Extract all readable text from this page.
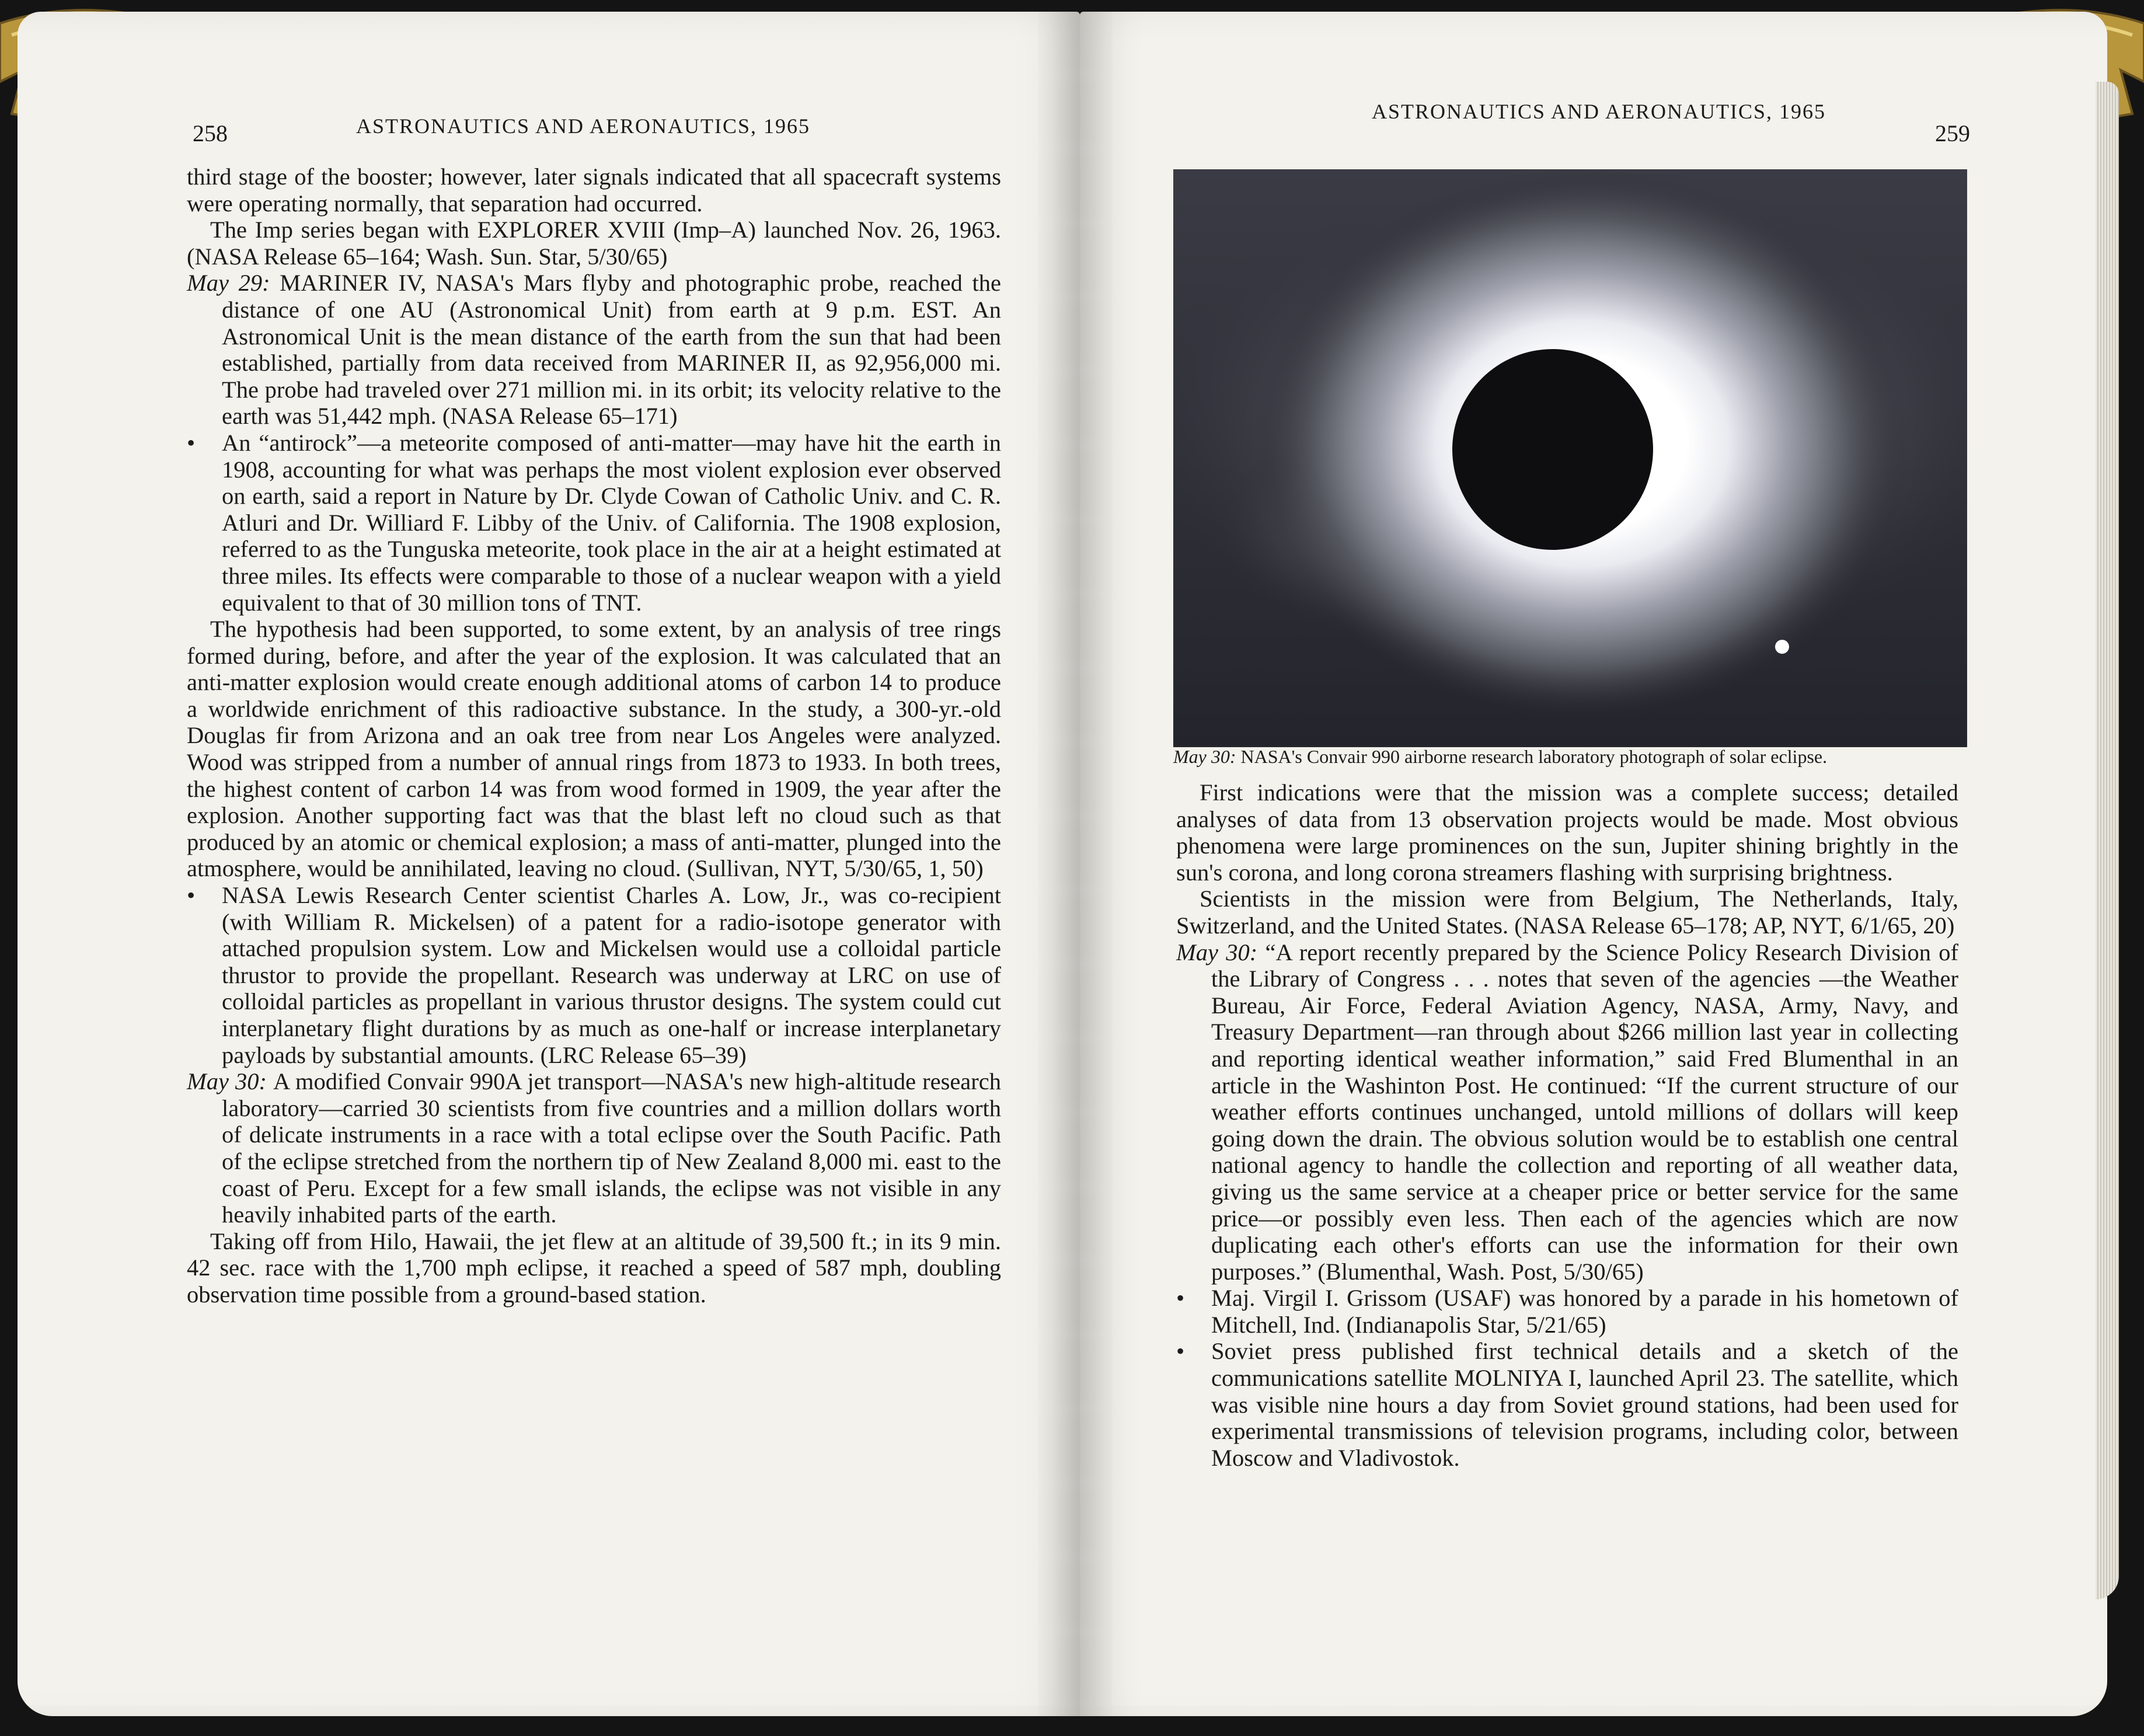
258	ASTRONAUTICS AND AERONAUTICS, 1965

third stage of the booster; however, later signals indicated that all spacecraft systems were operating normally, that separation had occurred.

The Imp series began with EXPLORER XVIII (Imp–A) launched Nov. 26, 1963. (NASA Release 65–164; Wash. Sun. Star, 5/30/65)

May 29: MARINER IV, NASA's Mars flyby and photographic probe, reached the distance of one AU (Astronomical Unit) from earth at 9 p.m. EST. An Astronomical Unit is the mean distance of the earth from the sun that had been established, partially from data received from MARINER II, as 92,956,000 mi. The probe had traveled over 271 million mi. in its orbit; its velocity relative to the earth was 51,442 mph. (NASA Release 65–171)

• An “antirock”—a meteorite composed of anti-matter—may have hit the earth in 1908, accounting for what was perhaps the most violent explosion ever observed on earth, said a report in Nature by Dr. Clyde Cowan of Catholic Univ. and C. R. Atluri and Dr. Williard F. Libby of the Univ. of California. The 1908 explosion, referred to as the Tunguska meteorite, took place in the air at a height estimated at three miles. Its effects were comparable to those of a nuclear weapon with a yield equivalent to that of 30 million tons of TNT.

The hypothesis had been supported, to some extent, by an analysis of tree rings formed during, before, and after the year of the explosion. It was calculated that an anti-matter explosion would create enough additional atoms of carbon 14 to produce a worldwide enrichment of this radioactive substance. In the study, a 300-yr.-old Douglas fir from Arizona and an oak tree from near Los Angeles were analyzed. Wood was stripped from a number of annual rings from 1873 to 1933. In both trees, the highest content of carbon 14 was from wood formed in 1909, the year after the explosion. Another supporting fact was that the blast left no cloud such as that produced by an atomic or chemical explosion; a mass of anti-matter, plunged into the atmosphere, would be annihilated, leaving no cloud. (Sullivan, NYT, 5/30/65, 1, 50)

• NASA Lewis Research Center scientist Charles A. Low, Jr., was co-recipient (with William R. Mickelsen) of a patent for a radio-isotope generator with attached propulsion system. Low and Mickelsen would use a colloidal particle thrustor to provide the propellant. Research was underway at LRC on use of colloidal particles as propellant in various thrustor designs. The system could cut interplanetary flight durations by as much as one-half or increase interplanetary payloads by substantial amounts. (LRC Release 65–39)

May 30: A modified Convair 990A jet transport—NASA's new high-altitude research laboratory—carried 30 scientists from five countries and a million dollars worth of delicate instruments in a race with a total eclipse over the South Pacific. Path of the eclipse stretched from the northern tip of New Zealand 8,000 mi. east to the coast of Peru. Except for a few small islands, the eclipse was not visible in any heavily inhabited parts of the earth.

Taking off from Hilo, Hawaii, the jet flew at an altitude of 39,500 ft.; in its 9 min. 42 sec. race with the 1,700 mph eclipse, it reached a speed of 587 mph, doubling observation time possible from a ground-based station.

ASTRONAUTICS AND AERONAUTICS, 1965
259
May 30: NASA's Convair 990 airborne research laboratory photograph of solar eclipse.

First indications were that the mission was a complete success; detailed analyses of data from 13 observation projects would be made. Most obvious phenomena were large prominences on the sun, Jupiter shining brightly in the sun's corona, and long corona streamers flashing with surprising brightness.

Scientists in the mission were from Belgium, The Netherlands, Italy, Switzerland, and the United States. (NASA Release 65–178; AP, NYT, 6/1/65, 20)

May 30: “A report recently prepared by the Science Policy Research Division of the Library of Congress . . . notes that seven of the agencies —the Weather Bureau, Air Force, Federal Aviation Agency, NASA, Army, Navy, and Treasury Department—ran through about $266 million last year in collecting and reporting identical weather information,” said Fred Blumenthal in an article in the Washinton Post. He continued: “If the current structure of our weather efforts continues unchanged, untold millions of dollars will keep going down the drain. The obvious solution would be to establish one central national agency to handle the collection and reporting of all weather data, giving us the same service at a cheaper price or better service for the same price—or possibly even less. Then each of the agencies which are now duplicating each other's efforts can use the information for their own purposes.” (Blumenthal, Wash. Post, 5/30/65)

• Maj. Virgil I. Grissom (USAF) was honored by a parade in his hometown of Mitchell, Ind. (Indianapolis Star, 5/21/65)

• Soviet press published first technical details and a sketch of the communications satellite MOLNIYA I, launched April 23. The satellite, which was visible nine hours a day from Soviet ground stations, had been used for experimental transmissions of television programs, including color, between Moscow and Vladivostok.
